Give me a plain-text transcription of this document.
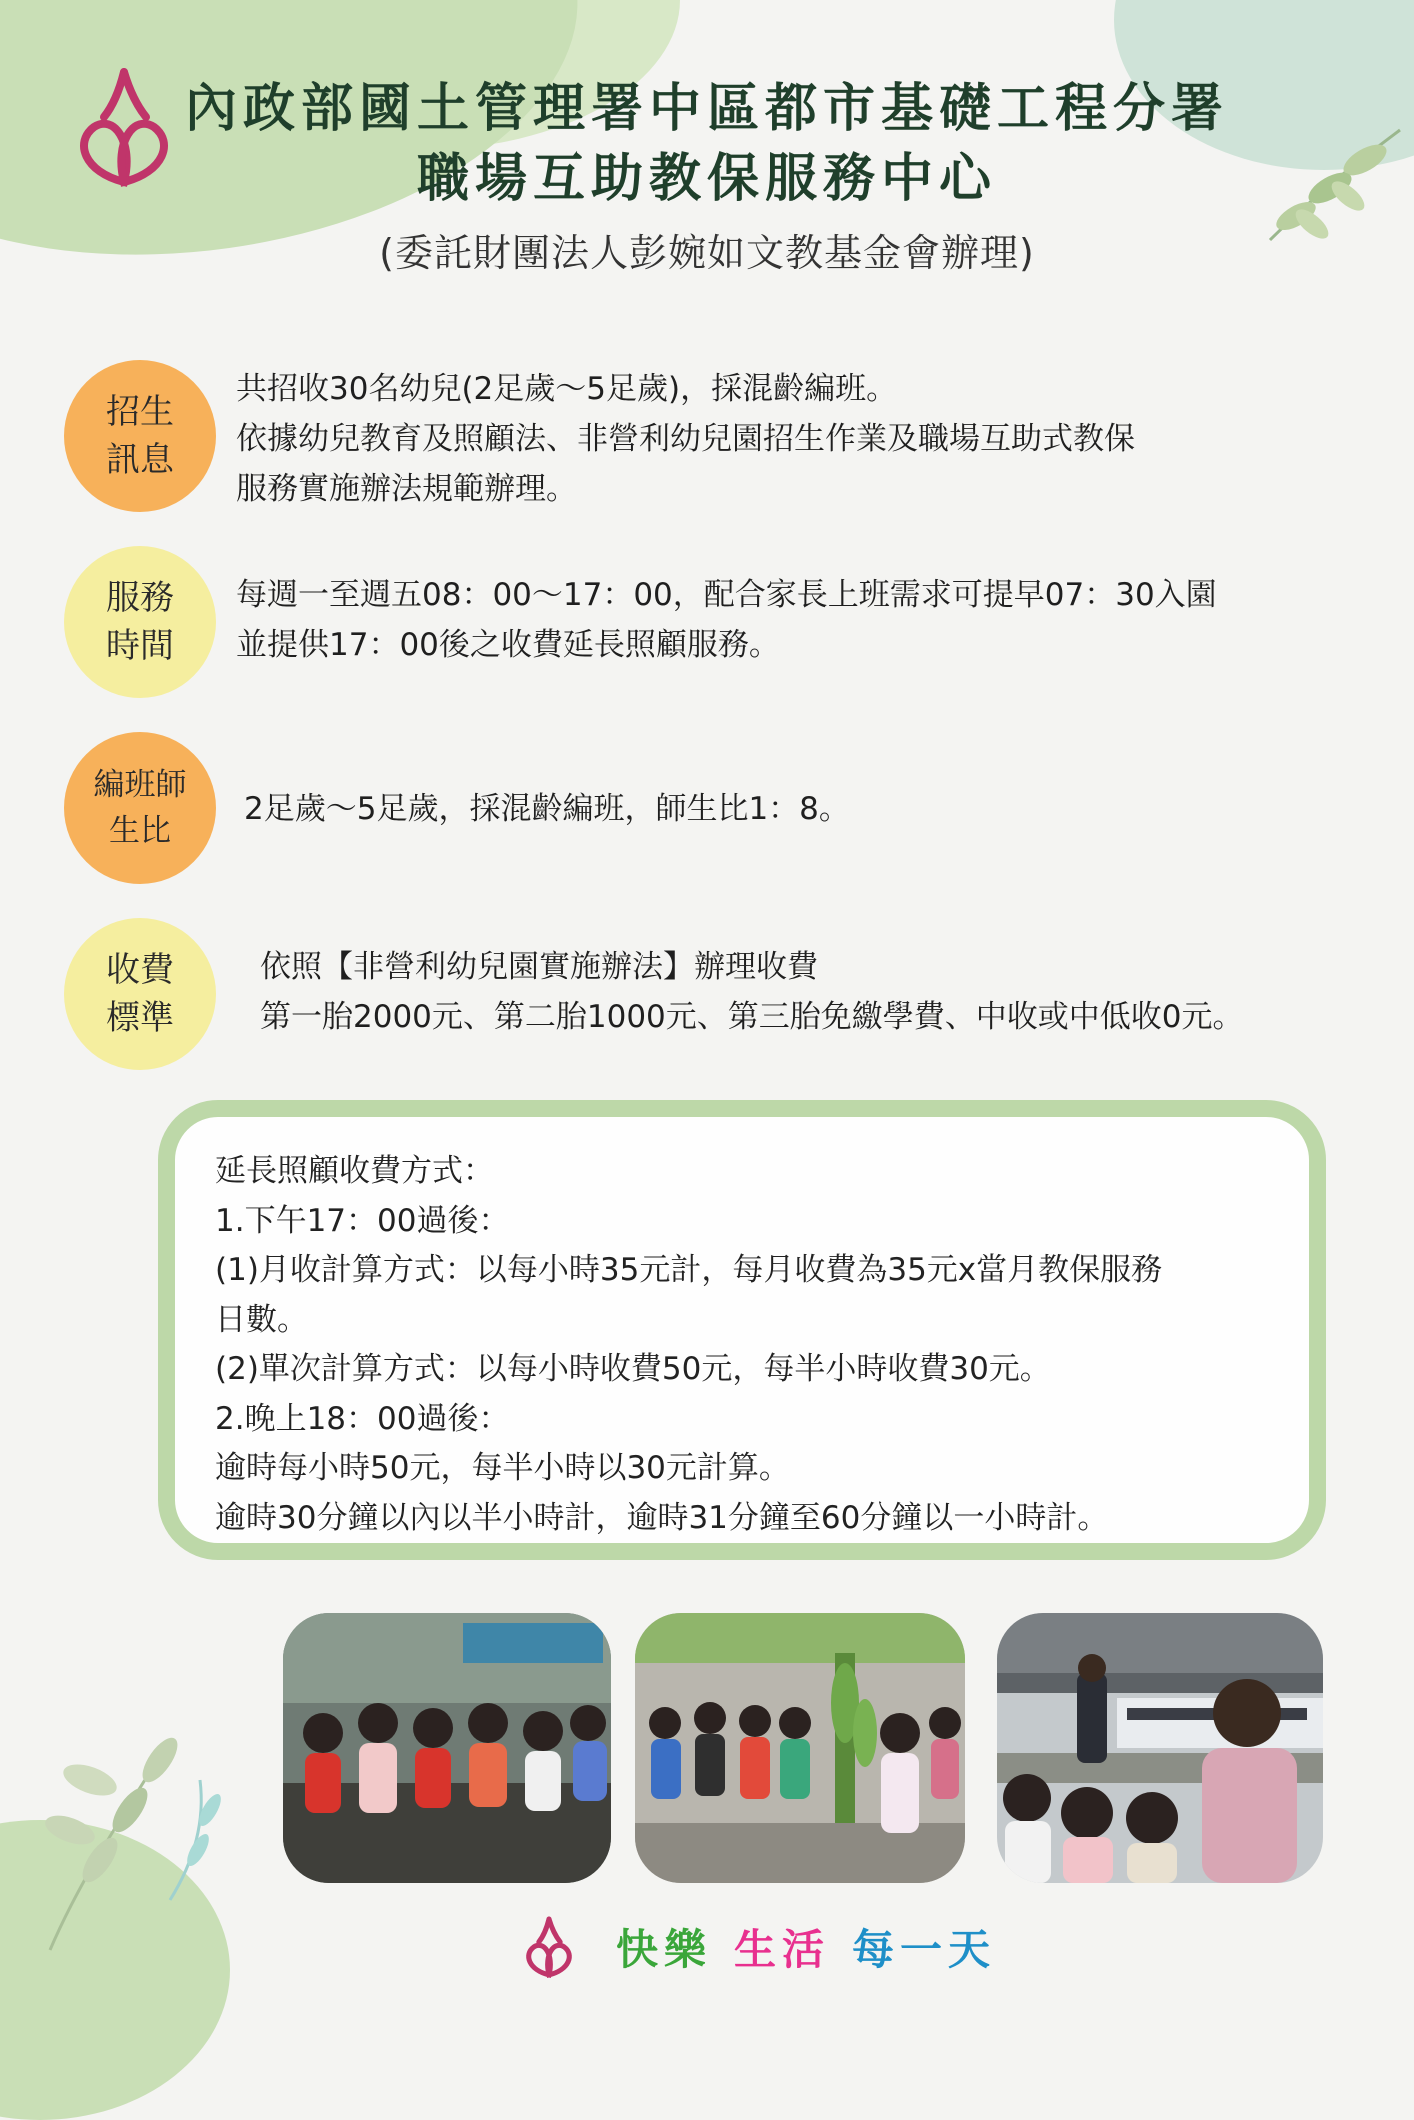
內政部國土管理署中區都市基礎工程分署
職場互助教保服務中心
(委託財團法人彭婉如文教基金會辦理)
招生
訊息
共招收30名幼兒(2足歲～5足歲)，採混齡編班。
依據幼兒教育及照顧法、非營利幼兒園招生作業及職場互助式教保
服務實施辦法規範辦理。
服務
時間
每週一至週五08：00～17：00，配合家長上班需求可提早07：30入園
並提供17：00後之收費延長照顧服務。
編班師
生比
2足歲～5足歲，採混齡編班，師生比1：8。
收費
標準
依照【非營利幼兒園實施辦法】辦理收費
第一胎2000元、第二胎1000元、第三胎免繳學費、中收或中低收0元。
延長照顧收費方式：
1.下午17：00過後：
(1)月收計算方式：以每小時35元計，每月收費為35元x當月教保服務
日數。
(2)單次計算方式：以每小時收費50元，每半小時收費30元。
2.晚上18：00過後：
逾時每小時50元，每半小時以30元計算。
逾時30分鐘以內以半小時計，逾時31分鐘至60分鐘以一小時計。
快樂 生活 每一天
